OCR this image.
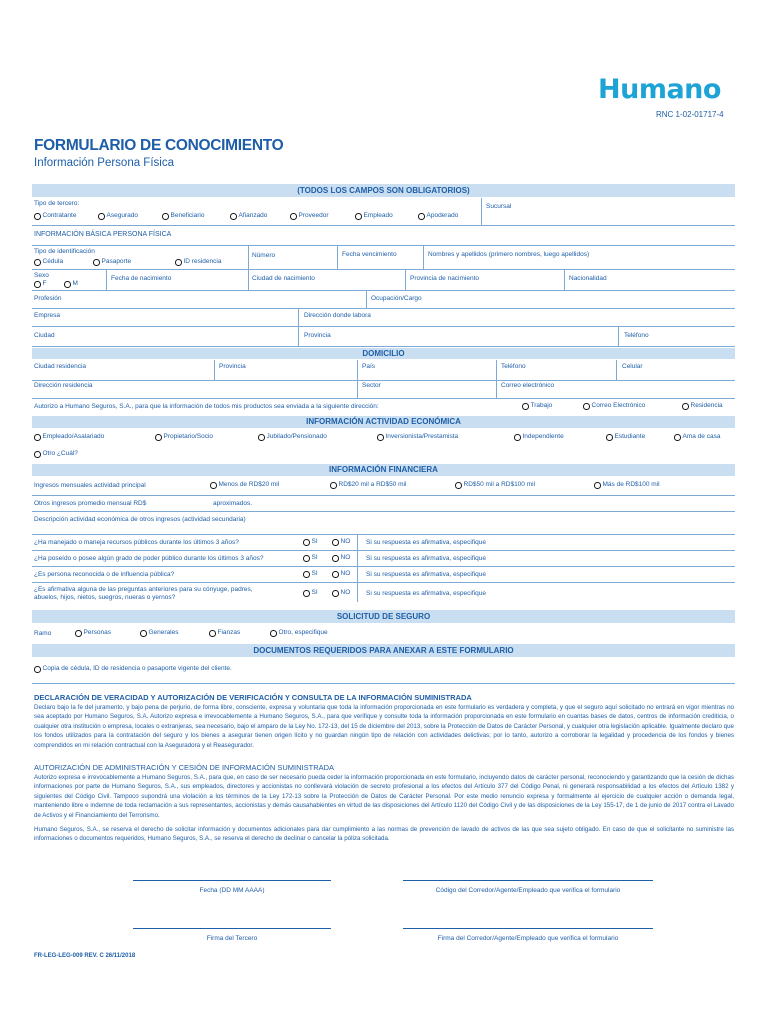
Humano
RNC 1-02-01717-4
FORMULARIO DE CONOCIMIENTO
Información Persona Física
(TODOS LOS CAMPOS SON OBLIGATORIOS)
Tipo de tercero:	Sucursal
Contratante	Asegurado	Beneficiario	Afianzado	Proveedor	Empleado	Apoderado
INFORMACIÓN BÁSICA PERSONA FÍSICA
Tipo de identificación
Cédula	Pasaporte	ID residencia
Número	Fecha vencimiento	Nombres y apellidos (primero nombres, luego apellidos)
Sexo
F	M
Fecha de nacimiento	Ciudad de nacimiento	Provincia de nacimiento	Nacionalidad
Profesión	Ocupación/Cargo
Empresa	Dirección donde labora
Ciudad	Provincia	Teléfono
DOMICILIO
Ciudad residencia	Provincia	País	Teléfono	Celular
Dirección residencia	Sector	Correo electrónico
Autorizo a Humano Seguros, S.A., para que la información de todos mis productos sea enviada a la siguiente dirección:	Trabajo	Correo Electrónico	Residencia
INFORMACIÓN ACTIVIDAD ECONÓMICA
Empleado/Asalariado	Propietario/Socio	Jubilado/Pensionado	Inversionista/Prestamista	Independiente	Estudiante	Ama de casa
Otro ¿Cuál?
INFORMACIÓN FINANCIERA
Ingresos mensuales actividad principal	Menos de RD$20 mil	RD$20 mil a RD$50 mil	RD$50 mil a RD$100 mil	Más de RD$100 mil
Otros ingresos promedio mensual RD$	aproximados.
Descripción actividad económica de otros ingresos (actividad secundaria)
¿Ha manejado o maneja recursos públicos durante los últimos 3 años?	SI	NO Si su respuesta es afirmativa, especifique
¿Ha poseído o posee algún grado de poder público durante los últimos 3 años?	SI	NO Si su respuesta es afirmativa, especifique
¿Es persona reconocida o de influencia pública?	SI	NO Si su respuesta es afirmativa, especifique
¿Es afirmativa alguna de las preguntas anteriores para su cónyuge, padres, abuelos, hijos, nietos, suegros, nueras o yernos?
SI	NO Si su respuesta es afirmativa, especifique
SOLICITUD DE SEGURO
Ramo	Personas	Generales	Fianzas	Otro, especifique
DOCUMENTOS REQUERIDOS PARA ANEXAR A ESTE FORMULARIO
Copia de cédula, ID de residencia o pasaporte vigente del cliente.
DECLARACIÓN DE VERACIDAD Y AUTORIZACIÓN DE VERIFICACIÓN Y CONSULTA DE LA INFORMACIÓN SUMINISTRADA
Declaro bajo la fe del juramento, y bajo pena de perjurio, de forma libre, consciente, expresa y voluntaria que toda la información proporcionada en este formulario es verdadera y completa, y que el seguro aquí solicitado no entrará en vigor mientras no sea aceptado por Humano Seguros, S.A. Autorizo expresa e irrevocablemente a Humano Seguros, S.A., para que verifique y consulte toda la información proporcionada en este formulario en cuantas bases de datos, centros de información crediticia, o cualquier otra institución o empresa, locales o extranjeras, sea necesario, bajo el amparo de la Ley No. 172-13, del 15 de diciembre del 2013, sobre la Protección de Datos de Carácter Personal, y cualquier otra legislación aplicable. Igualmente declaro que los fondos utilizados para la contratación del seguro y los bienes a asegurar tienen origen lícito y no guardan ningún tipo de relación con actividades delictivas; por lo tanto, autorizo a corroborar la legalidad y procedencia de los fondos y bienes comprendidos en mi relación contractual con la Aseguradora y el Reasegurador.
AUTORIZACIÓN DE ADMINISTRACIÓN Y CESIÓN DE INFORMACIÓN SUMINISTRADA
Autorizo expresa e irrevocablemente a Humano Seguros, S.A., para que, en caso de ser necesario pueda ceder la información proporcionada en este formulario, incluyendo datos de carácter personal, reconociendo y garantizando que la cesión de dichas informaciones por parte de Humano Seguros, S.A., sus empleados, directores y accionistas no conllevará violación de secreto profesional a los efectos del Artículo 377 del Código Penal, ni generará responsabilidad a los efectos del Artículo 1382 y siguientes del Código Civil. Tampoco supondrá una violación a los términos de la Ley 172-13 sobre la Protección de Datos de Carácter Personal. Por este medio renuncio expresa y formalmente al ejercicio de cualquier acción o demanda legal, manteniendo libre e indemne de toda reclamación a sus representantes, accionistas y demás causahabientes en virtud de las disposiciones del Artículo 1120 del Código Civil y de las disposiciones de la Ley 155-17, de 1 de junio de 2017 contra el Lavado de Activos y el Financiamiento del Terrorismo.
Humano Seguros, S.A., se reserva el derecho de solicitar información y documentos adicionales para dar cumplimiento a las normas de prevención de lavado de activos de las que sea sujeto obligado. En caso de que el solicitante no suministre las informaciones o documentos requeridos, Humano Seguros, S.A., se reserva el derecho de declinar o cancelar la póliza solicitada.
Fecha (DD MM AAAA)	Código del Corredor/Agente/Empleado que verifica el formulario
Firma del Tercero	Firma del Corredor/Agente/Empleado que verifica el formulario
FR-LEG-LEG-009 REV. C 26/11/2018
